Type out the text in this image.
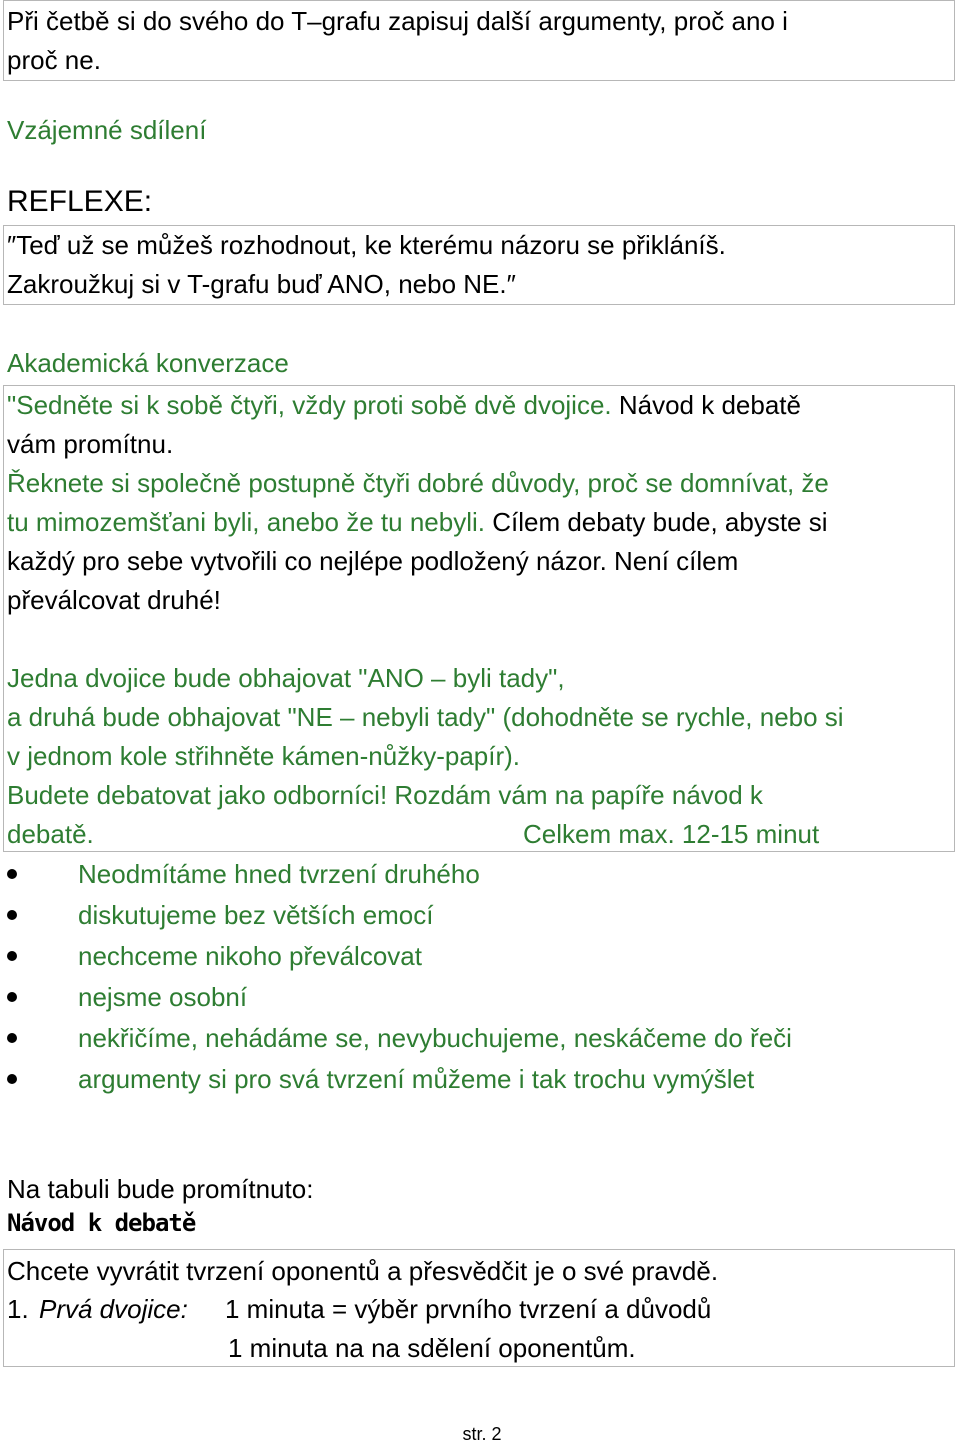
Při četbě si do svého do T–grafu zapisuj další argumenty, proč ano i
proč ne.
Vzájemné sdílení
REFLEXE:
″Teď už se můžeš rozhodnout, ke kterému názoru se přikláníš.
Zakroužkuj si v T-grafu buď ANO, nebo NE.″
Akademická konverzace
"Sedněte si k sobě čtyři, vždy proti sobě dvě dvojice. Návod k debatě
vám promítnu.
Řeknete si společně postupně čtyři dobré důvody, proč se domnívat, že
tu mimozemšťani byli, anebo že tu nebyli. Cílem debaty bude, abyste si
každý pro sebe vytvořili co nejlépe podložený názor. Není cílem
převálcovat druhé!
Jedna dvojice bude obhajovat "ANO – byli tady",
a druhá bude obhajovat "NE – nebyli tady" (dohodněte se rychle, nebo si
v jednom kole střihněte kámen-nůžky-papír).
Budete debatovat jako odborníci! Rozdám vám na papíře návod k
debatě.	Celkem max. 12-15 minut
Neodmítáme hned tvrzení druhého
diskutujeme bez větších emocí
nechceme nikoho převálcovat
nejsme osobní
nekřičíme, nehádáme se, nevybuchujeme, neskáčeme do řeči
argumenty si pro svá tvrzení můžeme i tak trochu vymýšlet
Na tabuli bude promítnuto:
Návod k debatě
Chcete vyvrátit tvrzení oponentů a přesvědčit je o své pravdě.
1. Prvá dvojice: 1 minuta = výběr prvního tvrzení a důvodů
1 minuta na na sdělení oponentům.
str. 2
